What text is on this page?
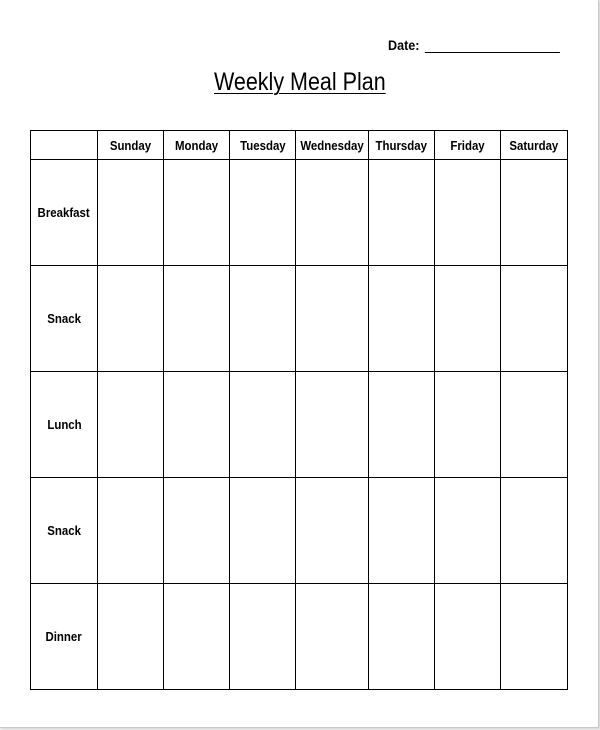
Date:
Weekly Meal Plan
	Sunday	Monday	Tuesday	Wednesday	Thursday	Friday	Saturday
Breakfast							
Snack							
Lunch							
Snack							
Dinner							
